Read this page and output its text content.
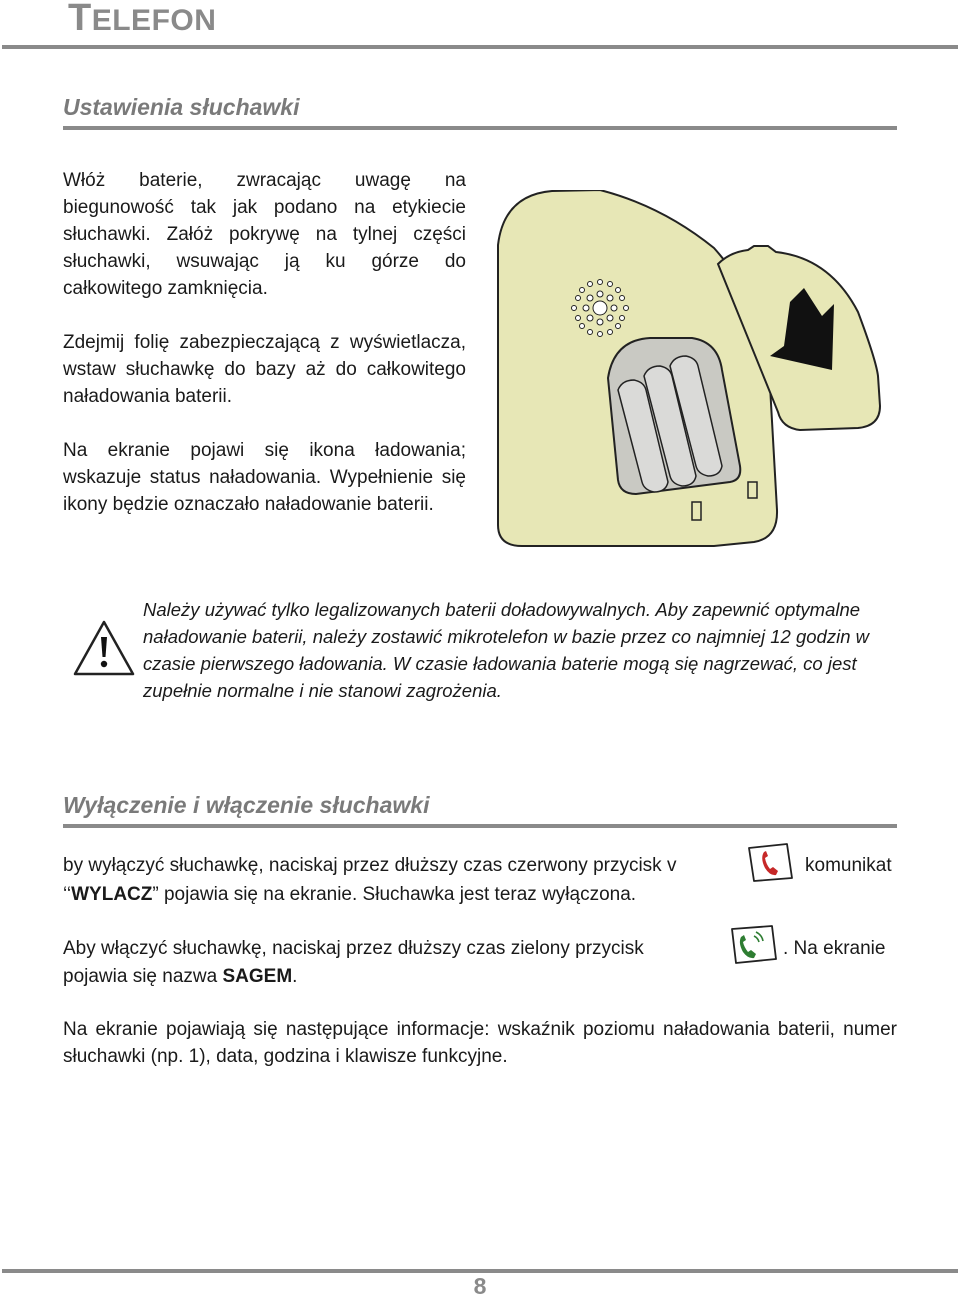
TELEFON
Ustawienia słuchawki
Włóż baterie, zwracając uwagę na biegunowość tak jak podano na etykiecie słuchawki. Załóż pokrywę na tylnej części słuchawki, wsuwając ją ku górze do całkowitego zamknięcia.
Zdejmij folię zabezpieczającą z wyświetlacza, wstaw słuchawkę do bazy aż do całkowitego naładowania baterii.
Na ekranie pojawi się ikona ładowania; wskazuje status naładowania. Wypełnienie się ikony będzie oznaczało naładowanie baterii.
Należy używać tylko legalizowanych baterii doładowywalnych. Aby zapewnić optymalne naładowanie baterii, należy zostawić mikrotelefon w bazie przez co najmniej 12 godzin w czasie pierwszego ładowania. W czasie ładowania baterie mogą się nagrzewać, co jest zupełnie normalne i nie stanowi zagrożenia.
Wyłączenie i włączenie słuchawki
by wyłączyć słuchawkę, naciskaj przez dłuższy czas czerwony przycisk v	komunikat
‘‘WYLACZ” pojawia się na ekranie. Słuchawka jest teraz wyłączona.
Aby włączyć słuchawkę, naciskaj przez dłuższy czas zielony przycisk	. Na ekranie
pojawia się nazwa SAGEM.
Na ekranie pojawiają się następujące informacje: wskaźnik poziomu naładowania baterii, numer słuchawki (np. 1), data, godzina i klawisze funkcyjne.
8
